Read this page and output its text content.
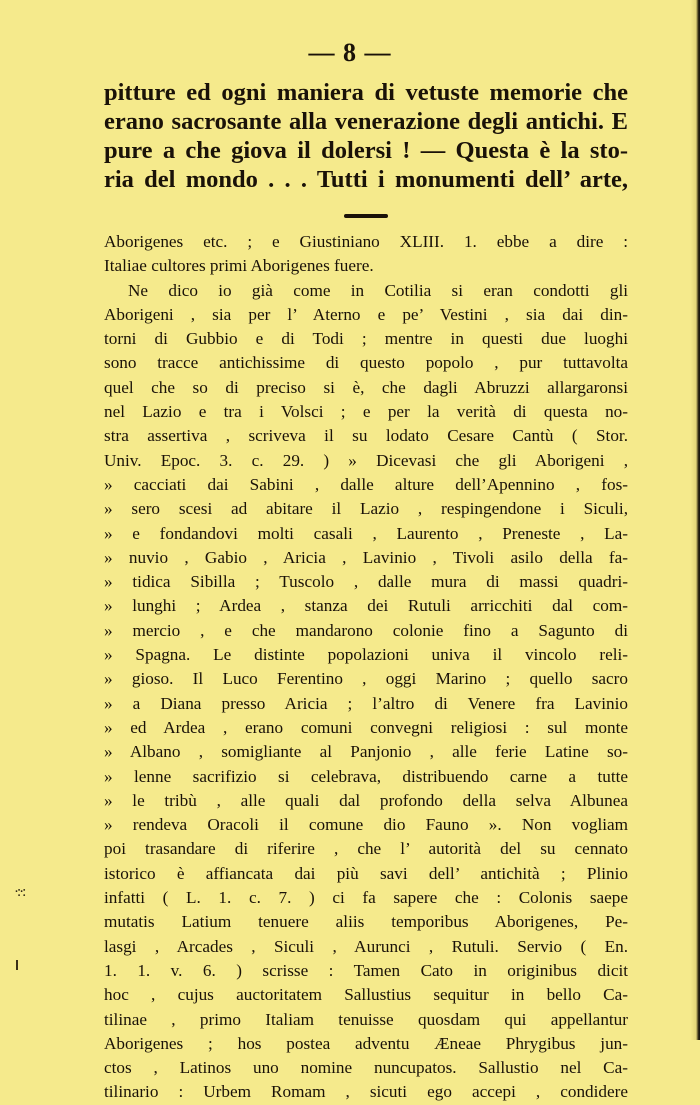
— 8 —
pitture ed ogni maniera di vetuste memorie che
erano sacrosante alla venerazione degli antichi. E
pure a che giova il dolersi ! — Questa è la sto-
ria del mondo . . . Tutti i monumenti dell’ arte,
Aborigenes etc. ; e Giustiniano XLIII. 1. ebbe a dire :
Italiae cultores primi Aborigenes fuere.
Ne dico io già come in Cotilia si eran condotti gli
Aborigeni , sia per l’ Aterno e pe’ Vestini , sia dai din-
torni di Gubbio e di Todi ; mentre in questi due luoghi
sono tracce antichissime di questo popolo , pur tuttavolta
quel che so di preciso si è, che dagli Abruzzi allargaronsi
nel Lazio e tra i Volsci ; e per la verità di questa no-
stra assertiva , scriveva il su lodato Cesare Cantù ( Stor.
Univ. Epoc. 3. c. 29. ) » Dicevasi che gli Aborigeni ,
» cacciati dai Sabini , dalle alture dell’Apennino , fos-
» sero scesi ad abitare il Lazio , respingendone i Siculi,
» e fondandovi molti casali , Laurento , Preneste , La-
» nuvio , Gabio , Aricia , Lavinio , Tivoli asilo della fa-
» tidica Sibilla ; Tuscolo , dalle mura di massi quadri-
» lunghi ; Ardea , stanza dei Rutuli arricchiti dal com-
» mercio , e che mandarono colonie fino a Sagunto di
» Spagna. Le distinte popolazioni univa il vincolo reli-
» gioso. Il Luco Ferentino , oggi Marino ; quello sacro
» a Diana presso Aricia ; l’altro di Venere fra Lavinio
» ed Ardea , erano comuni convegni religiosi : sul monte
» Albano , somigliante al Panjonio , alle ferie Latine so-
» lenne sacrifizio si celebrava, distribuendo carne a tutte
» le tribù , alle quali dal profondo della selva Albunea
» rendeva Oracoli il comune dio Fauno ». Non vogliam
poi trasandare di riferire , che l’ autorità del su cennato
istorico è affiancata dai più savi dell’ antichità ; Plinio
infatti ( L. 1. c. 7. ) ci fa sapere che : Colonis saepe
mutatis Latium tenuere aliis temporibus Aborigenes, Pe-
lasgi , Arcades , Siculi , Aurunci , Rutuli. Servio ( En.
1. 1. v. 6. ) scrisse : Tamen Cato in originibus dicit
hoc , cujus auctoritatem Sallustius sequitur in bello Ca-
tilinae , primo Italiam tenuisse quosdam qui appellantur
Aborigenes ; hos postea adventu Æneae Phrygibus jun-
ctos , Latinos uno nomine nuncupatos. Sallustio nel Ca-
tilinario : Urbem Romam , sicuti ego accepi , condidere
·:·:
